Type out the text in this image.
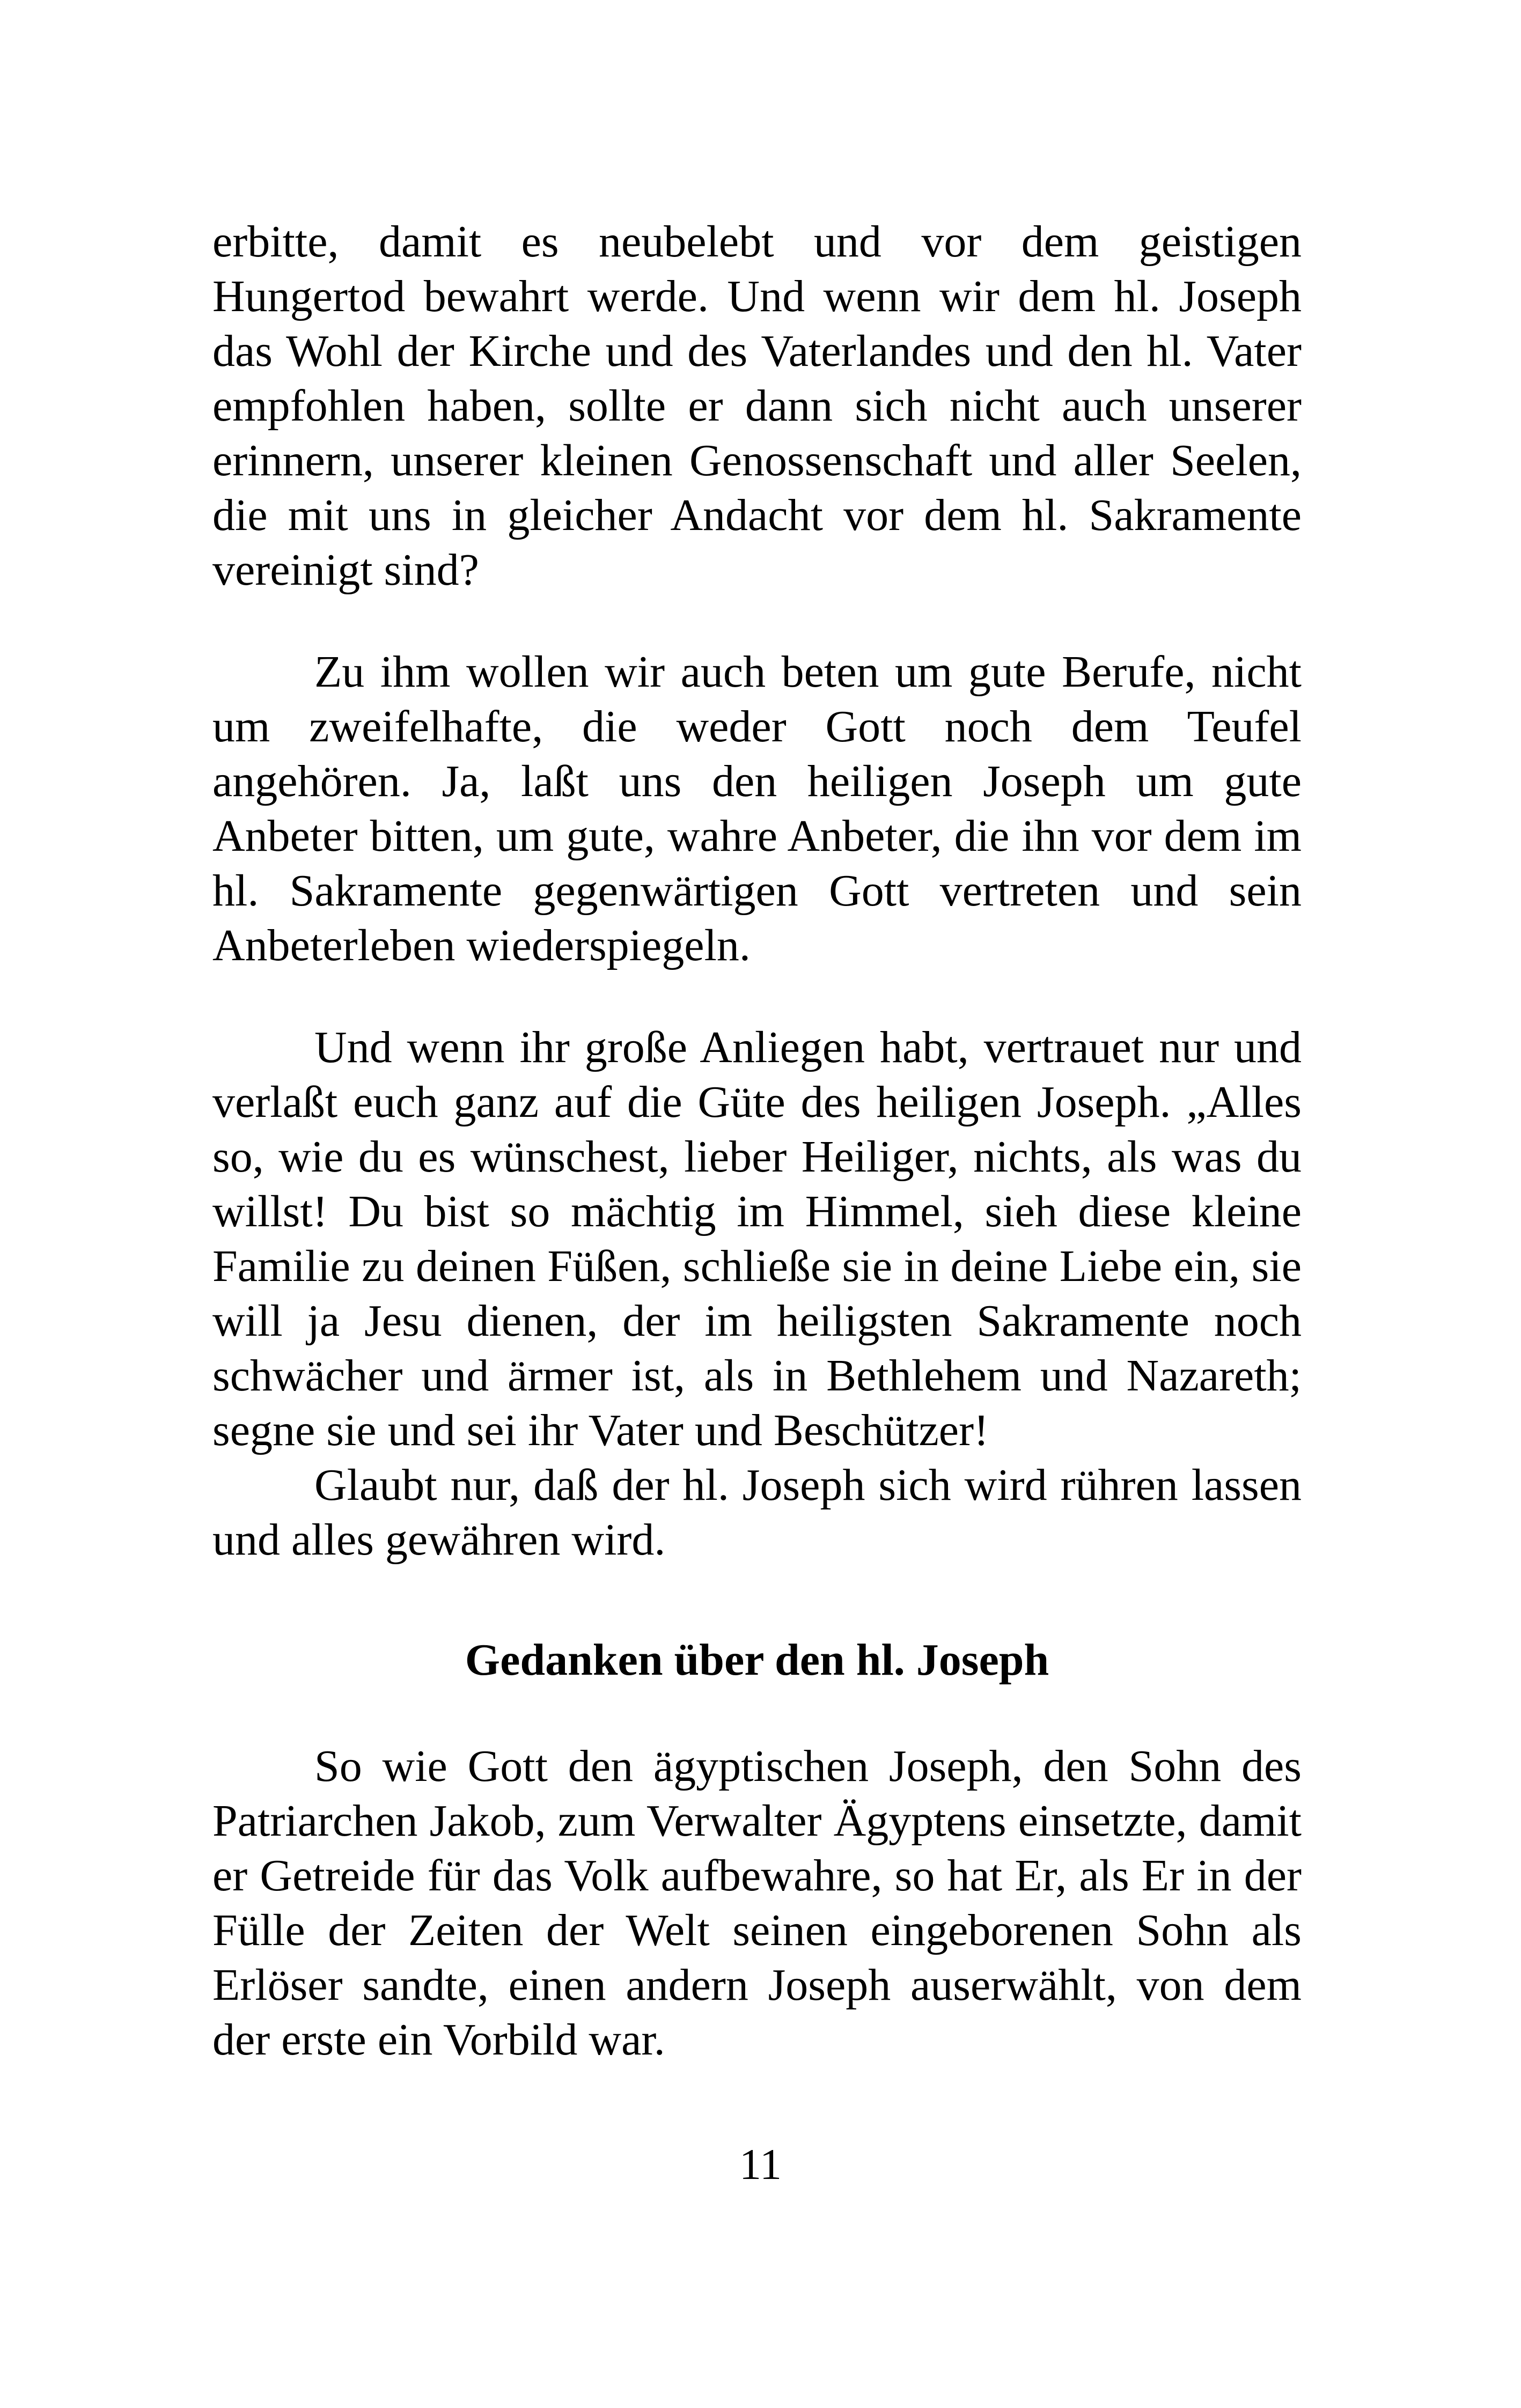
erbitte, damit es neubelebt und vor dem geistigen Hungertod bewahrt werde. Und wenn wir dem hl. Joseph das Wohl der Kirche und des Vaterlandes und den hl. Vater empfohlen haben, sollte er dann sich nicht auch unserer erinnern, unserer kleinen Genossenschaft und aller Seelen, die mit uns in gleicher Andacht vor dem hl. Sakramente vereinigt sind?

Zu ihm wollen wir auch beten um gute Berufe, nicht um zweifelhafte, die weder Gott noch dem Teufel angehören. Ja, laßt uns den heiligen Joseph um gute Anbeter bitten, um gute, wahre Anbeter, die ihn vor dem im hl. Sakramente gegenwärtigen Gott vertreten und sein Anbeterleben wiederspiegeln.

Und wenn ihr große Anliegen habt, vertrauet nur und verlaßt euch ganz auf die Güte des heiligen Joseph. „Alles so, wie du es wünschest, lieber Heiliger, nichts, als was du willst! Du bist so mächtig im Himmel, sieh diese kleine Familie zu deinen Füßen, schließe sie in deine Liebe ein, sie will ja Jesu dienen, der im heiligsten Sakramente noch schwächer und ärmer ist, als in Bethlehem und Nazareth; segne sie und sei ihr Vater und Beschützer!

Glaubt nur, daß der hl. Joseph sich wird rühren lassen und alles gewähren wird.

Gedanken über den hl. Joseph

So wie Gott den ägyptischen Joseph, den Sohn des Patriarchen Jakob, zum Verwalter Ägyptens einsetzte, damit er Getreide für das Volk aufbewahre, so hat Er, als Er in der Fülle der Zeiten der Welt seinen eingeborenen Sohn als Erlöser sandte, einen andern Joseph auserwählt, von dem der erste ein Vorbild war.

11
